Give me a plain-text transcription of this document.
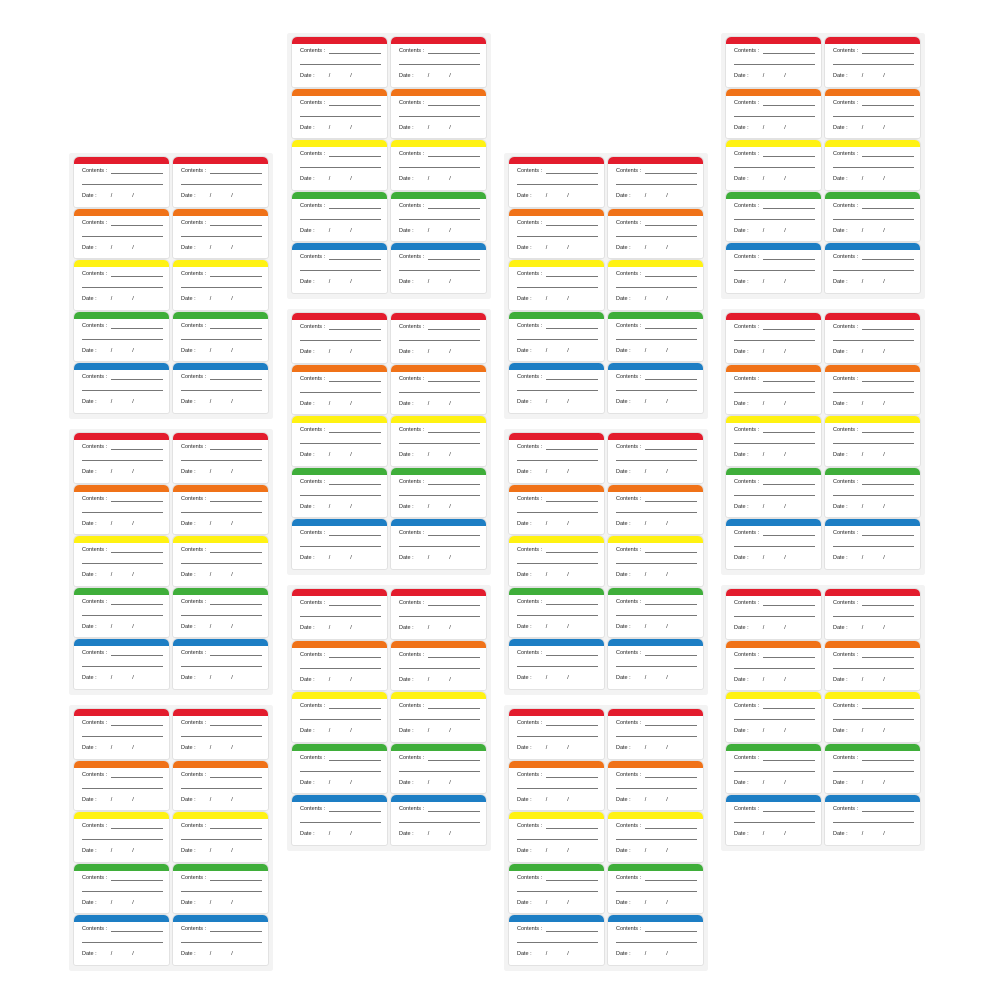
Contents :
Date :	/	/
Contents :
Date :	/	/
Contents :
Date :	/	/
Contents :
Date :	/	/
Contents :
Date :	/	/
Contents :
Date :	/	/
Contents :
Date :	/	/
Contents :
Date :	/	/
Contents :
Date :	/	/
Contents :
Date :	/	/
Contents :
Date :	/	/
Contents :
Date :	/	/
Contents :
Date :	/	/
Contents :
Date :	/	/
Contents :
Date :	/	/
Contents :
Date :	/	/
Contents :
Date :	/	/
Contents :
Date :	/	/
Contents :
Date :	/	/
Contents :
Date :	/	/
Contents :
Date :	/	/
Contents :
Date :	/	/
Contents :
Date :	/	/
Contents :
Date :	/	/
Contents :
Date :	/	/
Contents :
Date :	/	/
Contents :
Date :	/	/
Contents :
Date :	/	/
Contents :
Date :	/	/
Contents :
Date :	/	/
Contents :
Date :	/	/
Contents :
Date :	/	/
Contents :
Date :	/	/
Contents :
Date :	/	/
Contents :
Date :	/	/
Contents :
Date :	/	/
Contents :
Date :	/	/
Contents :
Date :	/	/
Contents :
Date :	/	/
Contents :
Date :	/	/
Contents :
Date :	/	/
Contents :
Date :	/	/
Contents :
Date :	/	/
Contents :
Date :	/	/
Contents :
Date :	/	/
Contents :
Date :	/	/
Contents :
Date :	/	/
Contents :
Date :	/	/
Contents :
Date :	/	/
Contents :
Date :	/	/
Contents :
Date :	/	/
Contents :
Date :	/	/
Contents :
Date :	/	/
Contents :
Date :	/	/
Contents :
Date :	/	/
Contents :
Date :	/	/
Contents :
Date :	/	/
Contents :
Date :	/	/
Contents :
Date :	/	/
Contents :
Date :	/	/
Contents :
Date :	/	/
Contents :
Date :	/	/
Contents :
Date :	/	/
Contents :
Date :	/	/
Contents :
Date :	/	/
Contents :
Date :	/	/
Contents :
Date :	/	/
Contents :
Date :	/	/
Contents :
Date :	/	/
Contents :
Date :	/	/
Contents :
Date :	/	/
Contents :
Date :	/	/
Contents :
Date :	/	/
Contents :
Date :	/	/
Contents :
Date :	/	/
Contents :
Date :	/	/
Contents :
Date :	/	/
Contents :
Date :	/	/
Contents :
Date :	/	/
Contents :
Date :	/	/
Contents :
Date :	/	/
Contents :
Date :	/	/
Contents :
Date :	/	/
Contents :
Date :	/	/
Contents :
Date :	/	/
Contents :
Date :	/	/
Contents :
Date :	/	/
Contents :
Date :	/	/
Contents :
Date :	/	/
Contents :
Date :	/	/
Contents :
Date :	/	/
Contents :
Date :	/	/
Contents :
Date :	/	/
Contents :
Date :	/	/
Contents :
Date :	/	/
Contents :
Date :	/	/
Contents :
Date :	/	/
Contents :
Date :	/	/
Contents :
Date :	/	/
Contents :
Date :	/	/
Contents :
Date :	/	/
Contents :
Date :	/	/
Contents :
Date :	/	/
Contents :
Date :	/	/
Contents :
Date :	/	/
Contents :
Date :	/	/
Contents :
Date :	/	/
Contents :
Date :	/	/
Contents :
Date :	/	/
Contents :
Date :	/	/
Contents :
Date :	/	/
Contents :
Date :	/	/
Contents :
Date :	/	/
Contents :
Date :	/	/
Contents :
Date :	/	/
Contents :
Date :	/	/
Contents :
Date :	/	/
Contents :
Date :	/	/
Contents :
Date :	/	/
Contents :
Date :	/	/
